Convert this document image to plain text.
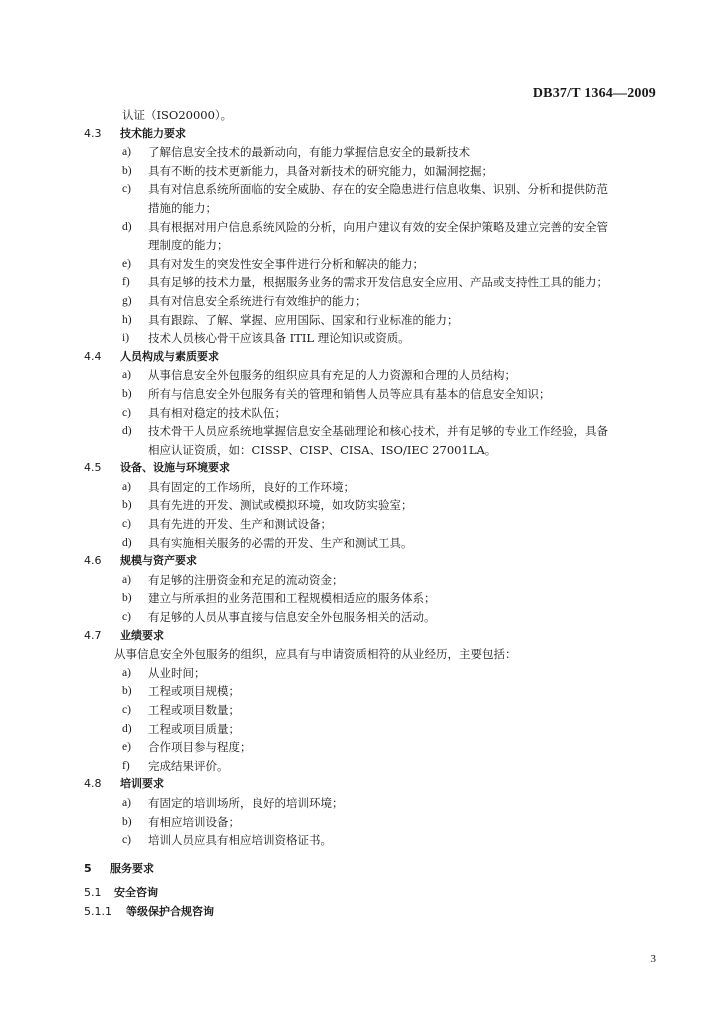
DB37/T 1364—2009
认证（ISO20000）。
4.3 技术能力要求
a) 了解信息安全技术的最新动向，有能力掌握信息安全的最新技术
b) 具有不断的技术更新能力，具备对新技术的研究能力，如漏洞挖掘；
c) 具有对信息系统所面临的安全威胁、存在的安全隐患进行信息收集、识别、分析和提供防范
措施的能力；
d) 具有根据对用户信息系统风险的分析，向用户建议有效的安全保护策略及建立完善的安全管
理制度的能力；
e) 具有对发生的突发性安全事件进行分析和解决的能力；
f) 具有足够的技术力量，根据服务业务的需求开发信息安全应用、产品或支持性工具的能力；
g) 具有对信息安全系统进行有效维护的能力；
h) 具有跟踪、了解、掌握、应用国际、国家和行业标准的能力；
i) 技术人员核心骨干应该具备 ITIL 理论知识或资质。
4.4 人员构成与素质要求
a) 从事信息安全外包服务的组织应具有充足的人力资源和合理的人员结构；
b) 所有与信息安全外包服务有关的管理和销售人员等应具有基本的信息安全知识；
c) 具有相对稳定的技术队伍；
d) 技术骨干人员应系统地掌握信息安全基础理论和核心技术，并有足够的专业工作经验，具备
相应认证资质，如：CISSP、CISP、CISA、ISO/IEC 27001LA。
4.5 设备、设施与环境要求
a) 具有固定的工作场所，良好的工作环境；
b) 具有先进的开发、测试或模拟环境，如攻防实验室；
c) 具有先进的开发、生产和测试设备；
d) 具有实施相关服务的必需的开发、生产和测试工具。
4.6 规模与资产要求
a) 有足够的注册资金和充足的流动资金；
b) 建立与所承担的业务范围和工程规模相适应的服务体系；
c) 有足够的人员从事直接与信息安全外包服务相关的活动。
4.7 业绩要求
从事信息安全外包服务的组织，应具有与申请资质相符的从业经历，主要包括：
a) 从业时间；
b) 工程或项目规模；
c) 工程或项目数量；
d) 工程或项目质量；
e) 合作项目参与程度；
f) 完成结果评价。
4.8 培训要求
a) 有固定的培训场所，良好的培训环境；
b) 有相应培训设备；
c) 培训人员应具有相应培训资格证书。
5 服务要求
5.1 安全咨询
5.1.1 等级保护合规咨询
3
